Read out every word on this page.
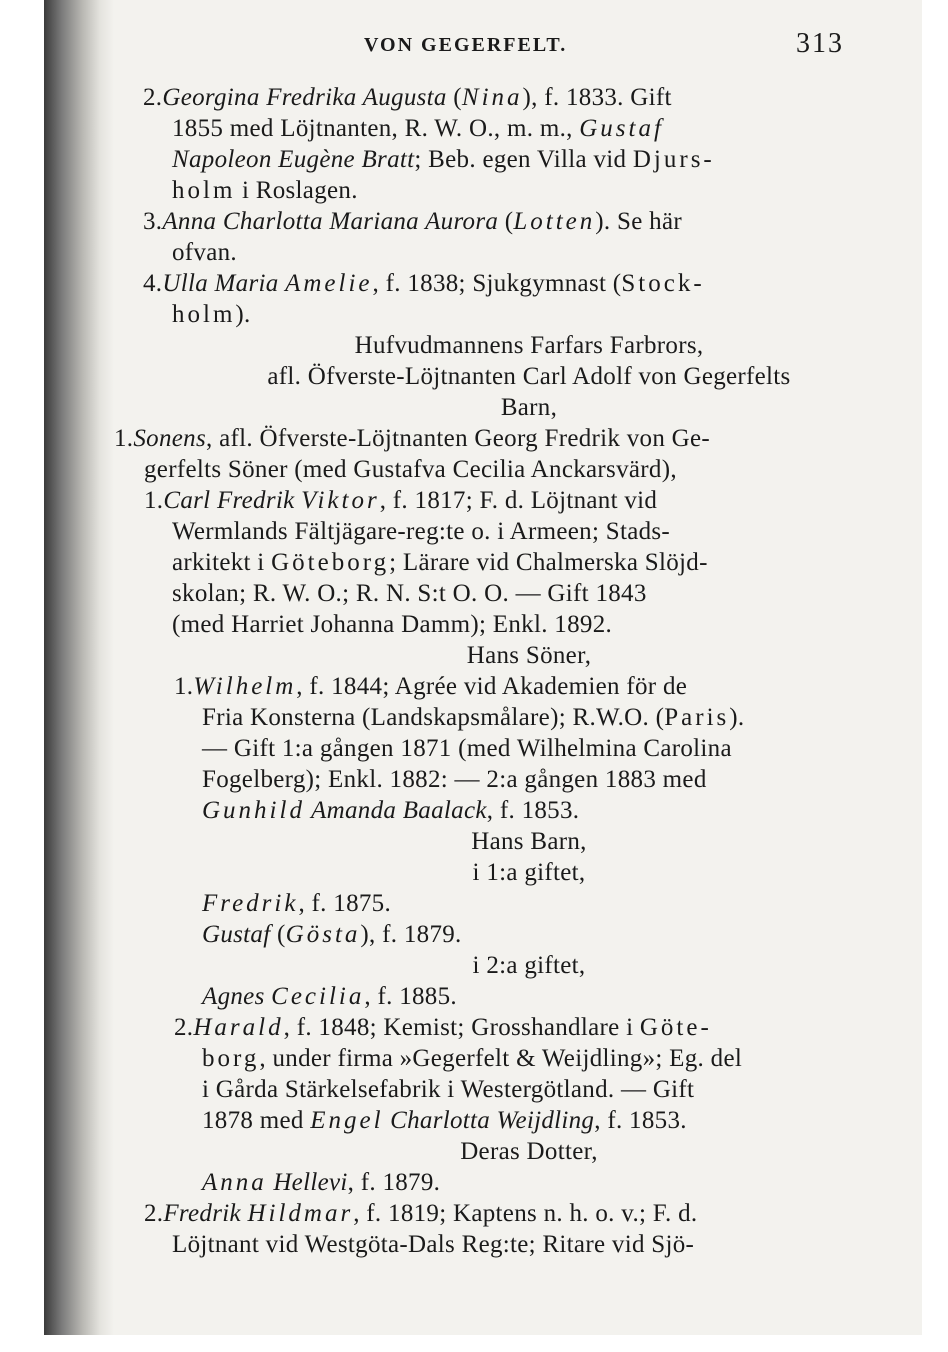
VON GEGERFELT.	313
2.Georgina Fredrika Augusta (Nina), f. 1833. Gift
1855 med Löjtnanten, R. W. O., m. m., Gustaf
Napoleon Eugène Bratt; Beb. egen Villa vid Djurs-
holm i Roslagen.
3.Anna Charlotta Mariana Aurora (Lotten). Se här
ofvan.
4.Ulla Maria Amelie, f. 1838; Sjukgymnast (Stock-
holm).
Hufvudmannens Farfars Farbrors,
afl. Öfverste-Löjtnanten Carl Adolf von Gegerfelts
Barn,
1.Sonens, afl. Öfverste-Löjtnanten Georg Fredrik von Ge-
gerfelts Söner (med Gustafva Cecilia Anckarsvärd),
1.Carl Fredrik Viktor, f. 1817; F. d. Löjtnant vid
Wermlands Fältjägare-reg:te o. i Armeen; Stads-
arkitekt i Göteborg; Lärare vid Chalmerska Slöjd-
skolan; R. W. O.; R. N. S:t O. O. — Gift 1843
(med Harriet Johanna Damm); Enkl. 1892.
Hans Söner,
1.Wilhelm, f. 1844; Agrée vid Akademien för de
Fria Konsterna (Landskapsmålare); R.W.O. (Paris).
— Gift 1:a gången 1871 (med Wilhelmina Carolina
Fogelberg); Enkl. 1882: — 2:a gången 1883 med
Gunhild Amanda Baalack, f. 1853.
Hans Barn,
i 1:a giftet,
Fredrik, f. 1875.
Gustaf (Gösta), f. 1879.
i 2:a giftet,
Agnes Cecilia, f. 1885.
2.Harald, f. 1848; Kemist; Grosshandlare i Göte-
borg, under firma »Gegerfelt & Weijdling»; Eg. del
i Gårda Stärkelsefabrik i Westergötland. — Gift
1878 med Engel Charlotta Weijdling, f. 1853.
Deras Dotter,
Anna Hellevi, f. 1879.
2.Fredrik Hildmar, f. 1819; Kaptens n. h. o. v.; F. d.
Löjtnant vid Westgöta-Dals Reg:te; Ritare vid Sjö-
